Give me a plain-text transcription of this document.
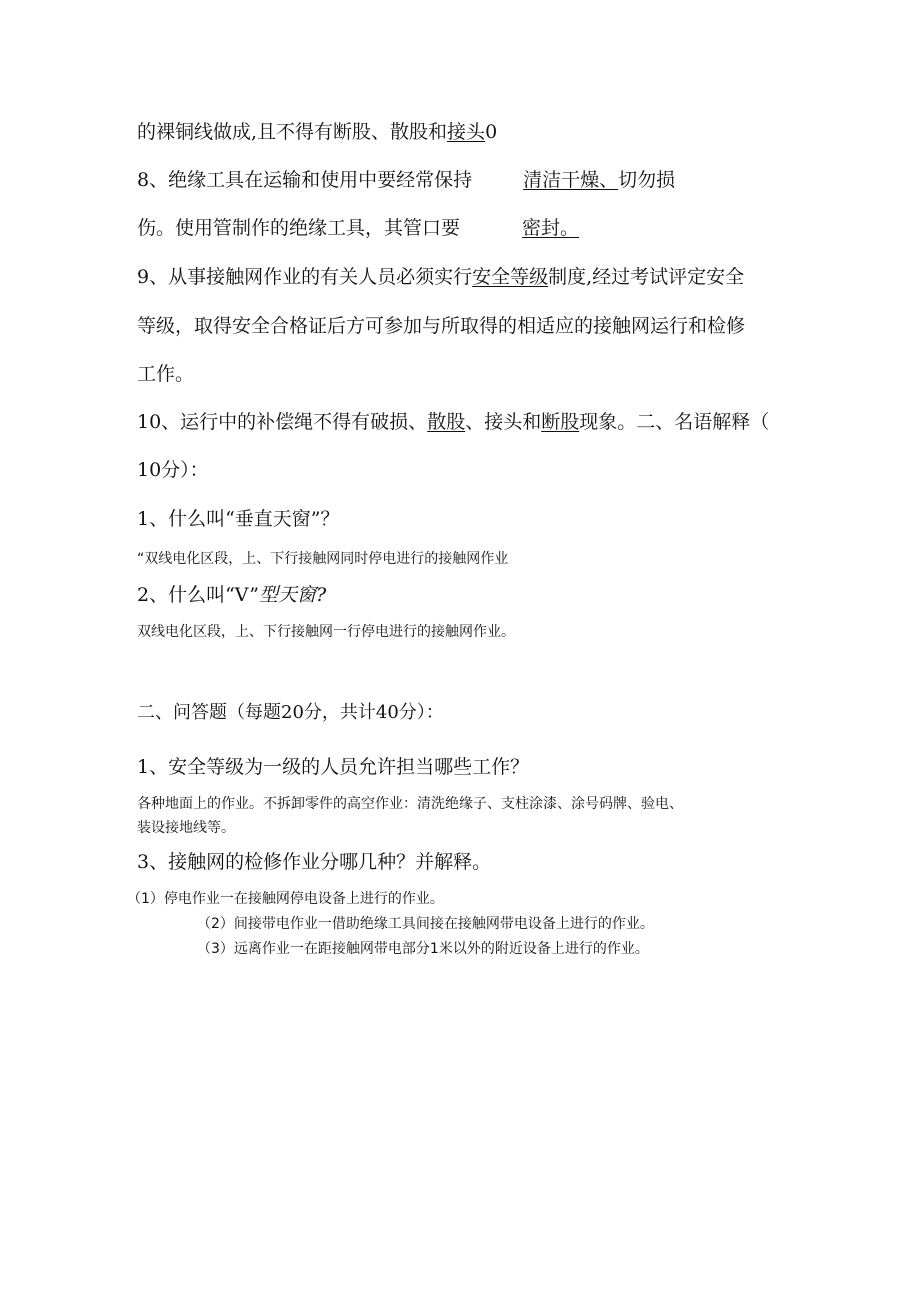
的裸铜线做成,且不得有断股、散股和接头0
8、绝缘工具在运输和使用中要经常保持	清洁干燥、切勿损
伤。使用管制作的绝缘工具，其管口要	密封。
9、从事接触网作业的有关人员必须实行安全等级制度,经过考试评定安全
等级，取得安全合格证后方可参加与所取得的相适应的接触网运行和检修
工作。
10、运行中的补偿绳不得有破损、散股、接头和断股现象。二、名语解释（
10分）：
1、什么叫“垂直天窗”？
“双线电化区段，上、下行接触网同时停电进行的接触网作业
2、什么叫“V”型天窗?
双线电化区段，上、下行接触网一行停电进行的接触网作业。
二、问答题（每题20分，共计40分）：
1、安全等级为一级的人员允许担当哪些工作？
各种地面上的作业。不拆卸零件的高空作业：清洗绝缘子、支柱涂漆、涂号码牌、验电、
装设接地线等。
3、接触网的检修作业分哪几种？并解释。
（1）停电作业一在接触网停电设备上进行的作业。
（2）间接带电作业一借助绝缘工具间接在接触网带电设备上进行的作业。
（3）远离作业一在距接触网带电部分1米以外的附近设备上进行的作业。
